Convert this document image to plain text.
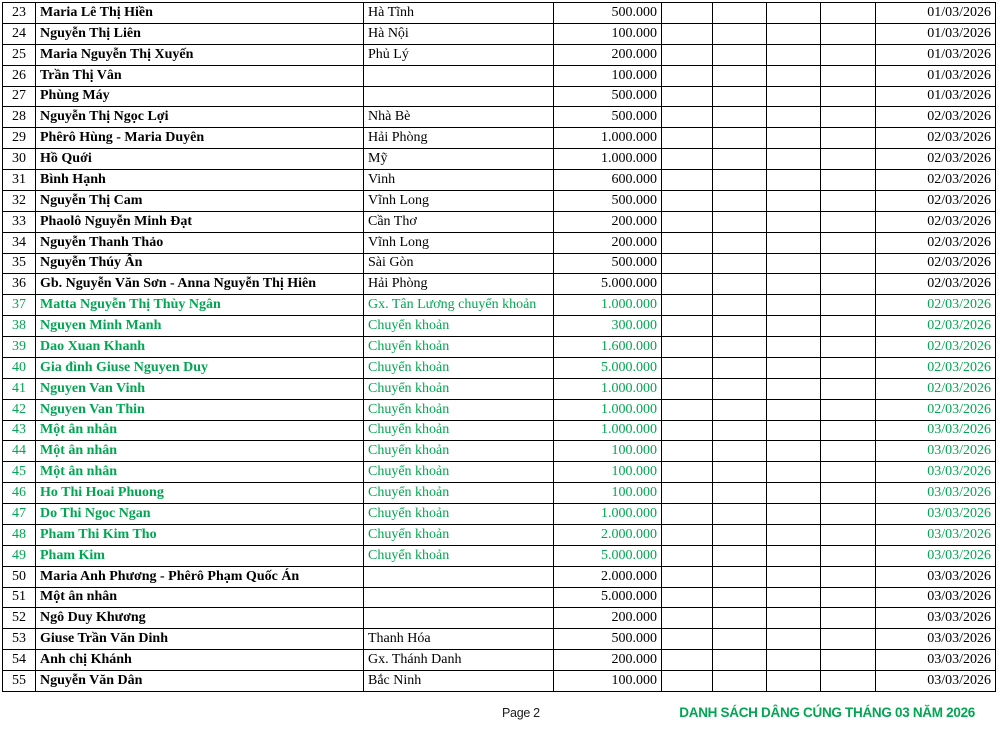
23	Maria Lê Thị Hiền	Hà Tĩnh	500.000					01/03/2026
24	Nguyễn Thị Liên	Hà Nội	100.000					01/03/2026
25	Maria Nguyễn Thị Xuyến	Phủ Lý	200.000					01/03/2026
26	Trần Thị Vân		100.000					01/03/2026
27	Phùng Máy		500.000					01/03/2026
28	Nguyễn Thị Ngọc Lợi	Nhà Bè	500.000					02/03/2026
29	Phêrô Hùng - Maria Duyên	Hải Phòng	1.000.000					02/03/2026
30	Hồ Quới	Mỹ	1.000.000					02/03/2026
31	Bình Hạnh	Vinh	600.000					02/03/2026
32	Nguyễn Thị Cam	Vĩnh Long	500.000					02/03/2026
33	Phaolô Nguyễn Minh Đạt	Cần Thơ	200.000					02/03/2026
34	Nguyễn Thanh Thảo	Vĩnh Long	200.000					02/03/2026
35	Nguyễn Thúy Ân	Sài Gòn	500.000					02/03/2026
36	Gb. Nguyễn Văn Sơn - Anna Nguyễn Thị Hiên	Hải Phòng	5.000.000					02/03/2026
37	Matta Nguyễn Thị Thùy Ngân	Gx. Tân Lương chuyển khoản	1.000.000					02/03/2026
38	Nguyen Minh Manh	Chuyển khoản	300.000					02/03/2026
39	Dao Xuan Khanh	Chuyển khoản	1.600.000					02/03/2026
40	Gia đình Giuse Nguyen Duy	Chuyển khoản	5.000.000					02/03/2026
41	Nguyen Van Vinh	Chuyển khoản	1.000.000					02/03/2026
42	Nguyen Van Thin	Chuyển khoản	1.000.000					02/03/2026
43	Một ân nhân	Chuyển khoản	1.000.000					03/03/2026
44	Một ân nhân	Chuyển khoản	100.000					03/03/2026
45	Một ân nhân	Chuyển khoản	100.000					03/03/2026
46	Ho Thi Hoai Phuong	Chuyển khoản	100.000					03/03/2026
47	Do Thi Ngoc Ngan	Chuyển khoản	1.000.000					03/03/2026
48	Pham Thi Kim Tho	Chuyển khoản	2.000.000					03/03/2026
49	Pham Kim	Chuyển khoản	5.000.000					03/03/2026
50	Maria Anh Phương - Phêrô Phạm Quốc Án		2.000.000					03/03/2026
51	Một ân nhân		5.000.000					03/03/2026
52	Ngô Duy Khương		200.000					03/03/2026
53	Giuse Trần Văn Dinh	Thanh Hóa	500.000					03/03/2026
54	Anh chị Khánh	Gx. Thánh Danh	200.000					03/03/2026
55	Nguyễn Văn Dân	Bắc Ninh	100.000					03/03/2026
Page 2	DANH SÁCH DÂNG CÚNG THÁNG 03 NĂM 2026
